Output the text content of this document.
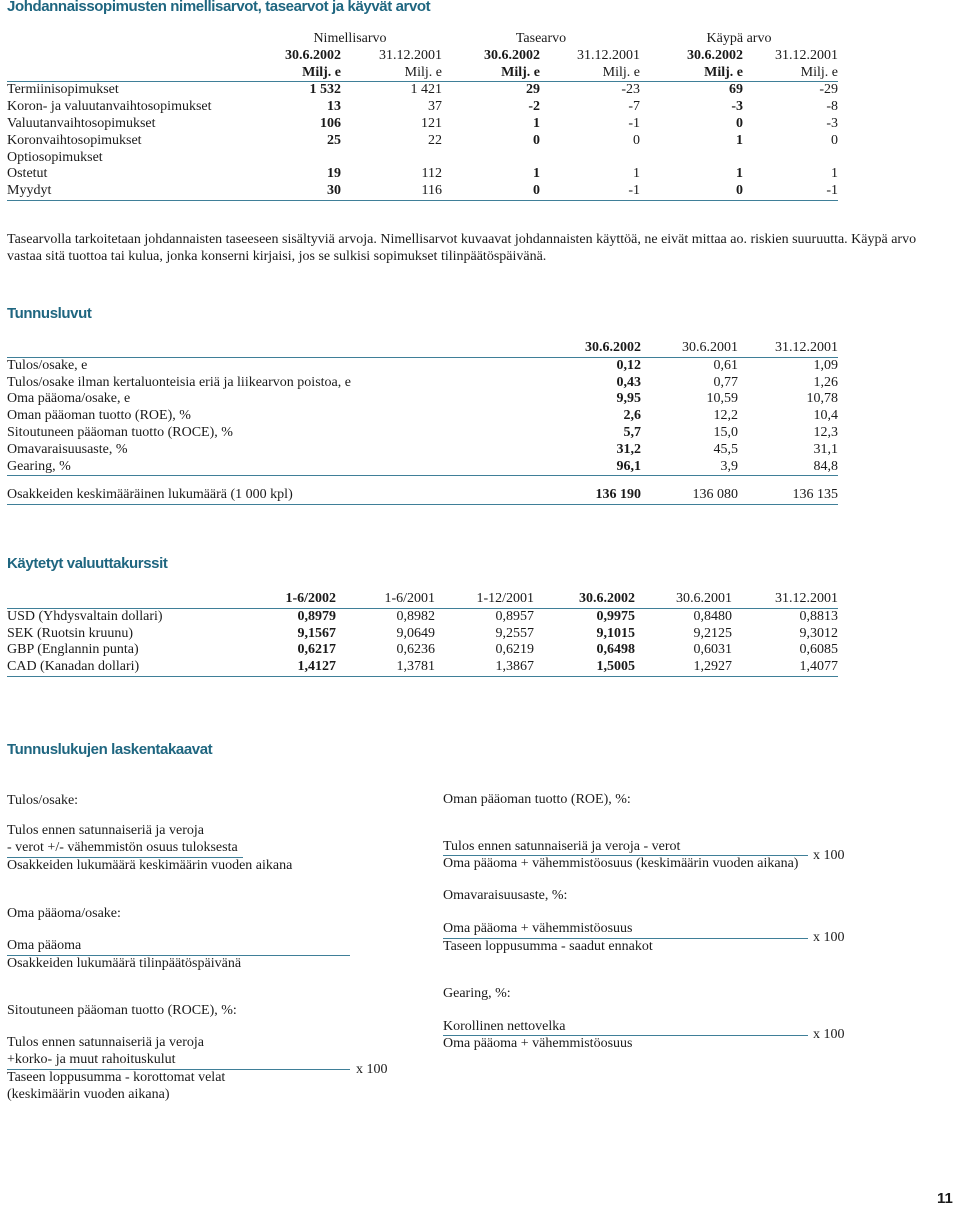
Johdannaissopimusten nimellisarvot, tasearvot ja käyvät arvot
	Nimellisarvo		Tasearvo		Käypä arvo	
	30.6.2002	31.12.2001	30.6.2002	31.12.2001	30.6.2002	31.12.2001
	Milj. e	Milj. e	Milj. e	Milj. e	Milj. e	Milj. e
Termiinisopimukset	1 532	1 421	29	-23	69	-29
Koron- ja valuutanvaihtosopimukset	13	37	-2	-7	-3	-8
Valuutanvaihtosopimukset	106	121	1	-1	0	-3
Koronvaihtosopimukset	25	22	0	0	1	0
Optiosopimukset						
Ostetut	19	112	1	1	1	1
Myydyt	30	116	0	-1	0	-1

Tasearvolla tarkoitetaan johdannaisten taseeseen sisältyviä arvoja. Nimellisarvot kuvaavat johdannaisten käyttöä, ne eivät mittaa ao. riskien suuruutta. Käypä arvo vastaa sitä tuottoa tai kulua, jonka konserni kirjaisi, jos se sulkisi sopimukset tilinpäätöspäivänä.

Tunnusluvut
	30.6.2002	30.6.2001	31.12.2001
Tulos/osake, e	0,12	0,61	1,09
Tulos/osake ilman kertaluonteisia eriä ja liikearvon poistoa, e	0,43	0,77	1,26
Oma pääoma/osake, e	9,95	10,59	10,78
Oman pääoman tuotto (ROE), %	2,6	12,2	10,4
Sitoutuneen pääoman tuotto (ROCE), %	5,7	15,0	12,3
Omavaraisuusaste, %	31,2	45,5	31,1
Gearing, %	96,1	3,9	84,8
Osakkeiden keskimääräinen lukumäärä (1 000 kpl)	136 190	136 080	136 135
Käytetyt valuuttakurssit
	1-6/2002	1-6/2001	1-12/2001	30.6.2002	30.6.2001	31.12.2001
USD (Yhdysvaltain dollari)	0,8979	0,8982	0,8957	0,9975	0,8480	0,8813
SEK (Ruotsin kruunu)	9,1567	9,0649	9,2557	9,1015	9,2125	9,3012
GBP (Englannin punta)	0,6217	0,6236	0,6219	0,6498	0,6031	0,6085
CAD (Kanadan dollari)	1,4127	1,3781	1,3867	1,5005	1,2927	1,4077
Tunnuslukujen laskentakaavat
Tulos/osake:
Tulos ennen satunnaiseriä ja veroja
- verot +/- vähemmistön osuus tuloksesta
Osakkeiden lukumäärä keskimäärin vuoden aikana
Oma pääoma/osake:
Oma pääoma
Osakkeiden lukumäärä tilinpäätöspäivänä
Sitoutuneen pääoman tuotto (ROCE), %:
Tulos ennen satunnaiseriä ja veroja
+korko- ja muut rahoituskulut
Taseen loppusumma - korottomat velat
(keskimäärin vuoden aikana)
x 100
Oman pääoman tuotto (ROE), %:
Tulos ennen satunnaiseriä ja veroja - verot
Oma pääoma + vähemmistöosuus (keskimäärin vuoden aikana)
x 100
Omavaraisuusaste, %:
Oma pääoma + vähemmistöosuus
Taseen loppusumma - saadut ennakot
x 100
Gearing, %:
Korollinen nettovelka
Oma pääoma + vähemmistöosuus
x 100
11
